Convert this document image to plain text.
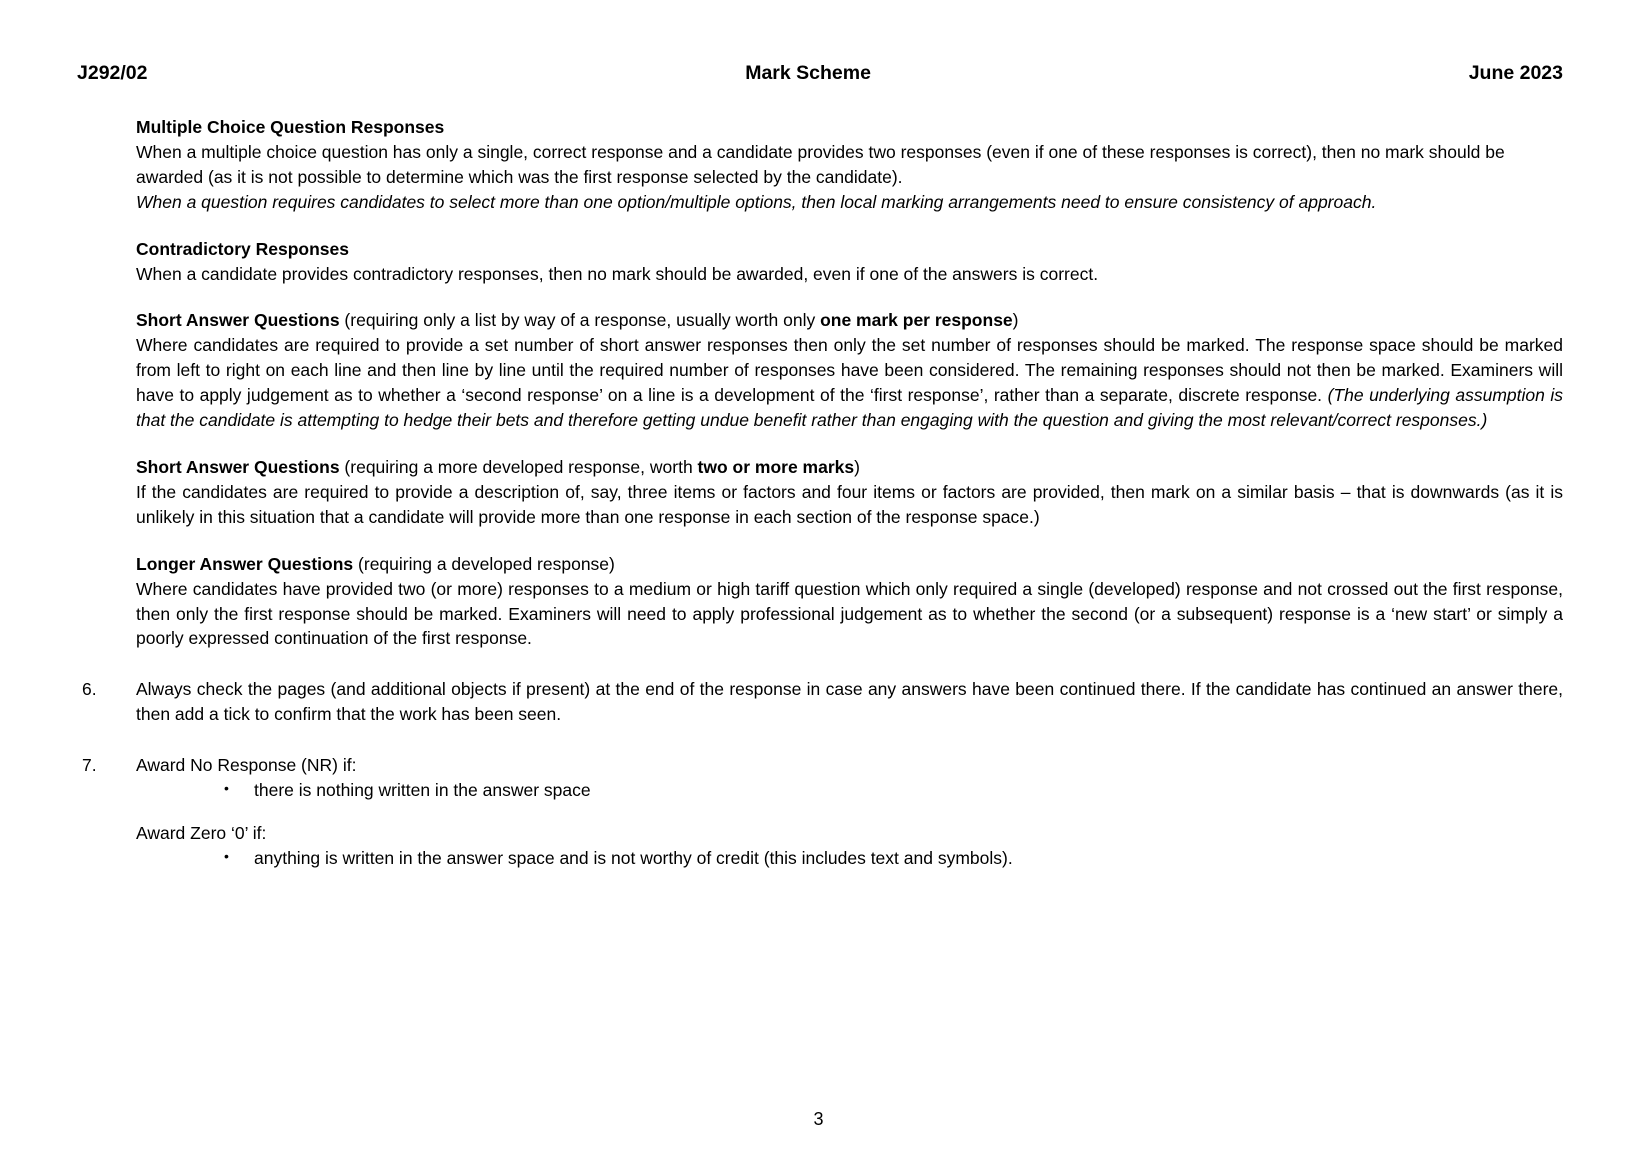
J292/02	Mark Scheme	June 2023
Multiple Choice Question Responses

When a multiple choice question has only a single, correct response and a candidate provides two responses (even if one of these responses is correct), then no mark should be awarded (as it is not possible to determine which was the first response selected by the candidate).

When a question requires candidates to select more than one option/multiple options, then local marking arrangements need to ensure consistency of approach.

Contradictory Responses

When a candidate provides contradictory responses, then no mark should be awarded, even if one of the answers is correct.

Short Answer Questions (requiring only a list by way of a response, usually worth only one mark per response)

Where candidates are required to provide a set number of short answer responses then only the set number of responses should be marked. The response space should be marked from left to right on each line and then line by line until the required number of responses have been considered. The remaining responses should not then be marked. Examiners will have to apply judgement as to whether a ‘second response’ on a line is a development of the ‘first response’, rather than a separate, discrete response. (The underlying assumption is that the candidate is attempting to hedge their bets and therefore getting undue benefit rather than engaging with the question and giving the most relevant/correct responses.)

Short Answer Questions (requiring a more developed response, worth two or more marks)

If the candidates are required to provide a description of, say, three items or factors and four items or factors are provided, then mark on a similar basis – that is downwards (as it is unlikely in this situation that a candidate will provide more than one response in each section of the response space.)

Longer Answer Questions (requiring a developed response)

Where candidates have provided two (or more) responses to a medium or high tariff question which only required a single (developed) response and not crossed out the first response, then only the first response should be marked. Examiners will need to apply professional judgement as to whether the second (or a subsequent) response is a ‘new start’ or simply a poorly expressed continuation of the first response.

6.	Always check the pages (and additional objects if present) at the end of the response in case any answers have been continued there. If the candidate has continued an answer there, then add a tick to confirm that the work has been seen.

7.	Award No Response (NR) if:

• there is nothing written in the answer space

Award Zero ‘0’ if:

• anything is written in the answer space and is not worthy of credit (this includes text and symbols).
3
